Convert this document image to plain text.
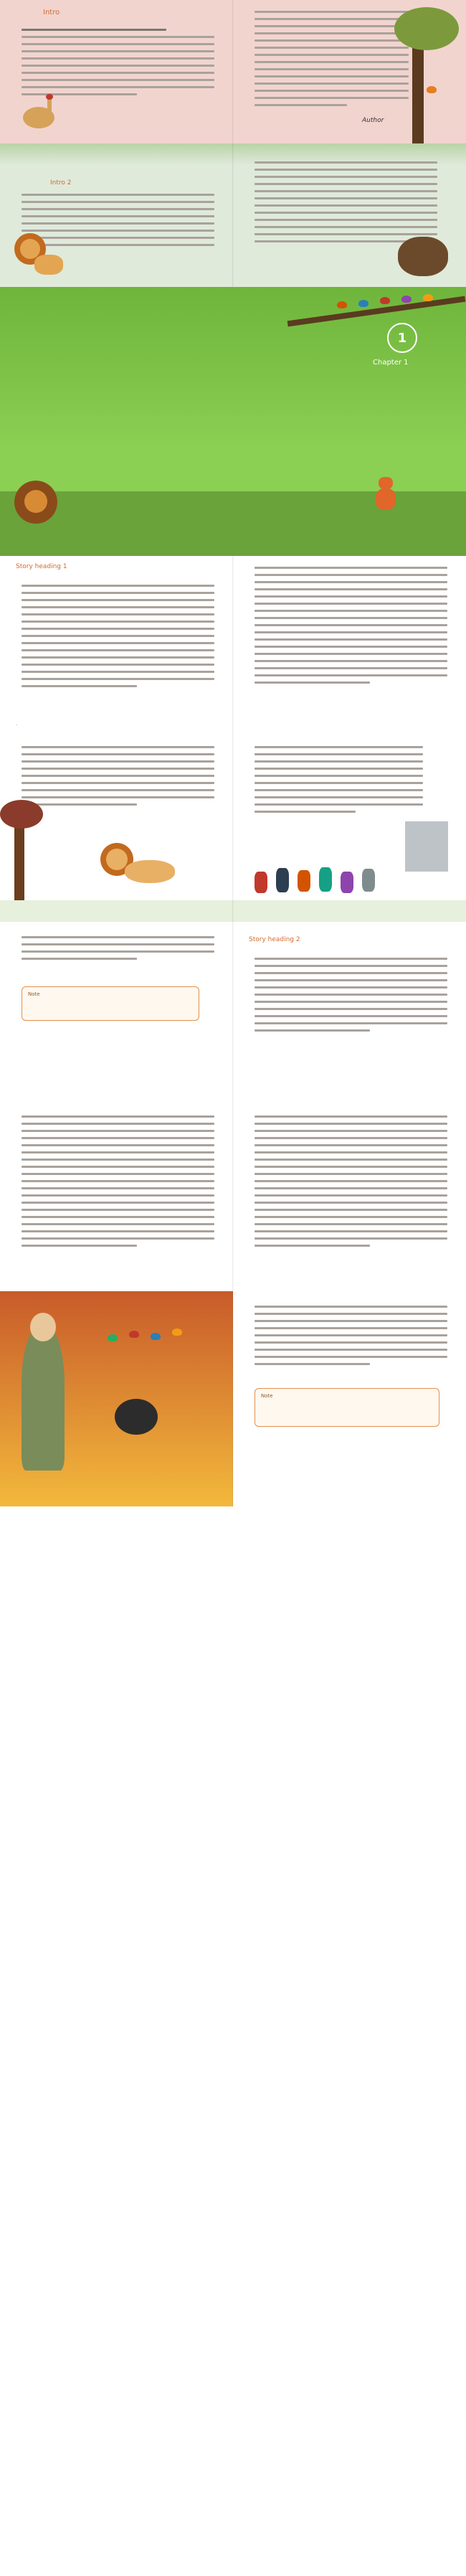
Intro
Author
Intro 2
1
Chapter 1
Story heading 1
·
Note
Story heading 2
Note
